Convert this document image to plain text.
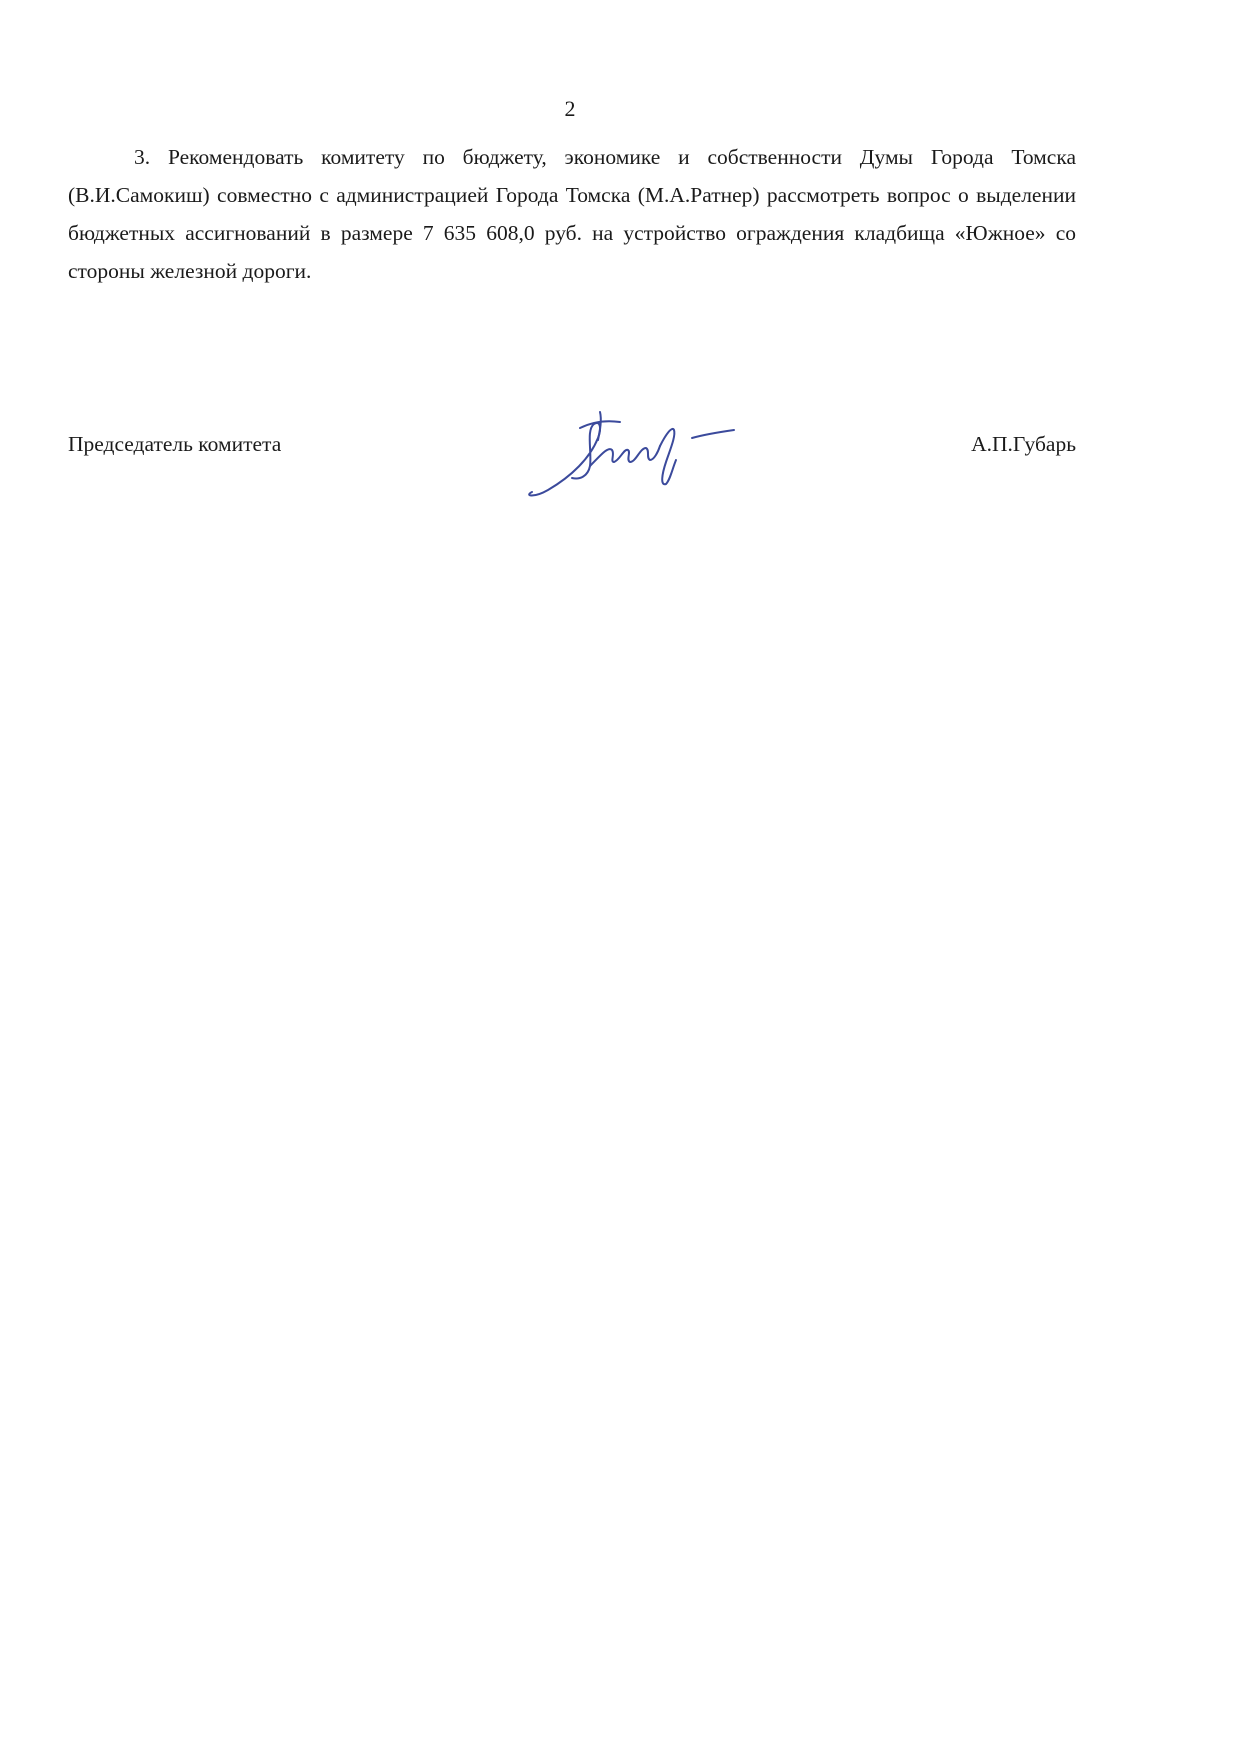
2

3. Рекомендовать комитету по бюджету, экономике и собственности Думы Города Томска (В.И.Самокиш) совместно с администрацией Города Томска (М.А.Ратнер) рассмотреть вопрос о выделении бюджетных ассигнований в размере 7 635 608,0 руб. на устройство ограждения кладбища «Южное» со стороны железной дороги.

Председатель комитета	А.П.Губарь
